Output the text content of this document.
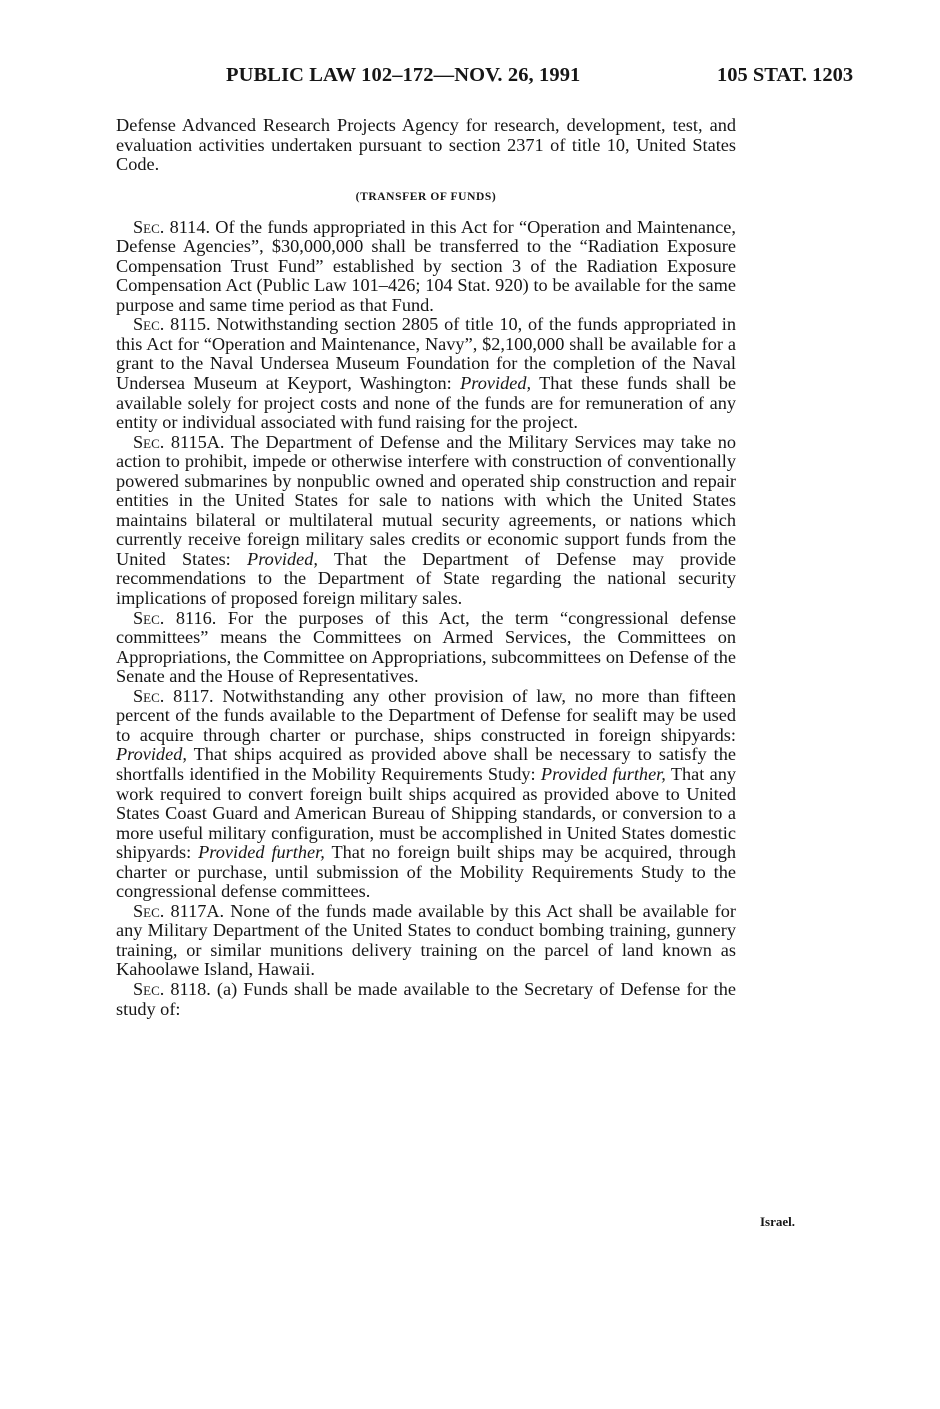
PUBLIC LAW 102–172—NOV. 26, 1991	105 STAT. 1203

Defense Advanced Research Projects Agency for research, development, test, and evaluation activities undertaken pursuant to section 2371 of title 10, United States Code.

(TRANSFER OF FUNDS)

Sec. 8114. Of the funds appropriated in this Act for “Operation and Maintenance, Defense Agencies”, $30,000,000 shall be transferred to the “Radiation Exposure Compensation Trust Fund” established by section 3 of the Radiation Exposure Compensation Act (Public Law 101–426; 104 Stat. 920) to be available for the same purpose and same time period as that Fund.

Sec. 8115. Notwithstanding section 2805 of title 10, of the funds appropriated in this Act for “Operation and Maintenance, Navy”, $2,100,000 shall be available for a grant to the Naval Undersea Museum Foundation for the completion of the Naval Undersea Museum at Keyport, Washington: Provided, That these funds shall be available solely for project costs and none of the funds are for remuneration of any entity or individual associated with fund raising for the project.

Sec. 8115A. The Department of Defense and the Military Services may take no action to prohibit, impede or otherwise interfere with construction of conventionally powered submarines by nonpublic owned and operated ship construction and repair entities in the United States for sale to nations with which the United States maintains bilateral or multilateral mutual security agreements, or nations which currently receive foreign military sales credits or economic support funds from the United States: Provided, That the Department of Defense may provide recommendations to the Department of State regarding the national security implications of proposed foreign military sales.

Sec. 8116. For the purposes of this Act, the term “congressional defense committees” means the Committees on Armed Services, the Committees on Appropriations, the Committee on Appropriations, subcommittees on Defense of the Senate and the House of Representatives.

Sec. 8117. Notwithstanding any other provision of law, no more than fifteen percent of the funds available to the Department of Defense for sealift may be used to acquire through charter or purchase, ships constructed in foreign shipyards: Provided, That ships acquired as provided above shall be necessary to satisfy the shortfalls identified in the Mobility Requirements Study: Provided further, That any work required to convert foreign built ships acquired as provided above to United States Coast Guard and American Bureau of Shipping standards, or conversion to a more useful military configuration, must be accomplished in United States domestic shipyards: Provided further, That no foreign built ships may be acquired, through charter or purchase, until submission of the Mobility Requirements Study to the congressional defense committees.

Sec. 8117A. None of the funds made available by this Act shall be available for any Military Department of the United States to conduct bombing training, gunnery training, or similar munitions delivery training on the parcel of land known as Kahoolawe Island, Hawaii.

Sec. 8118. (a) Funds shall be made available to the Secretary of Defense for the study of:

Israel.
